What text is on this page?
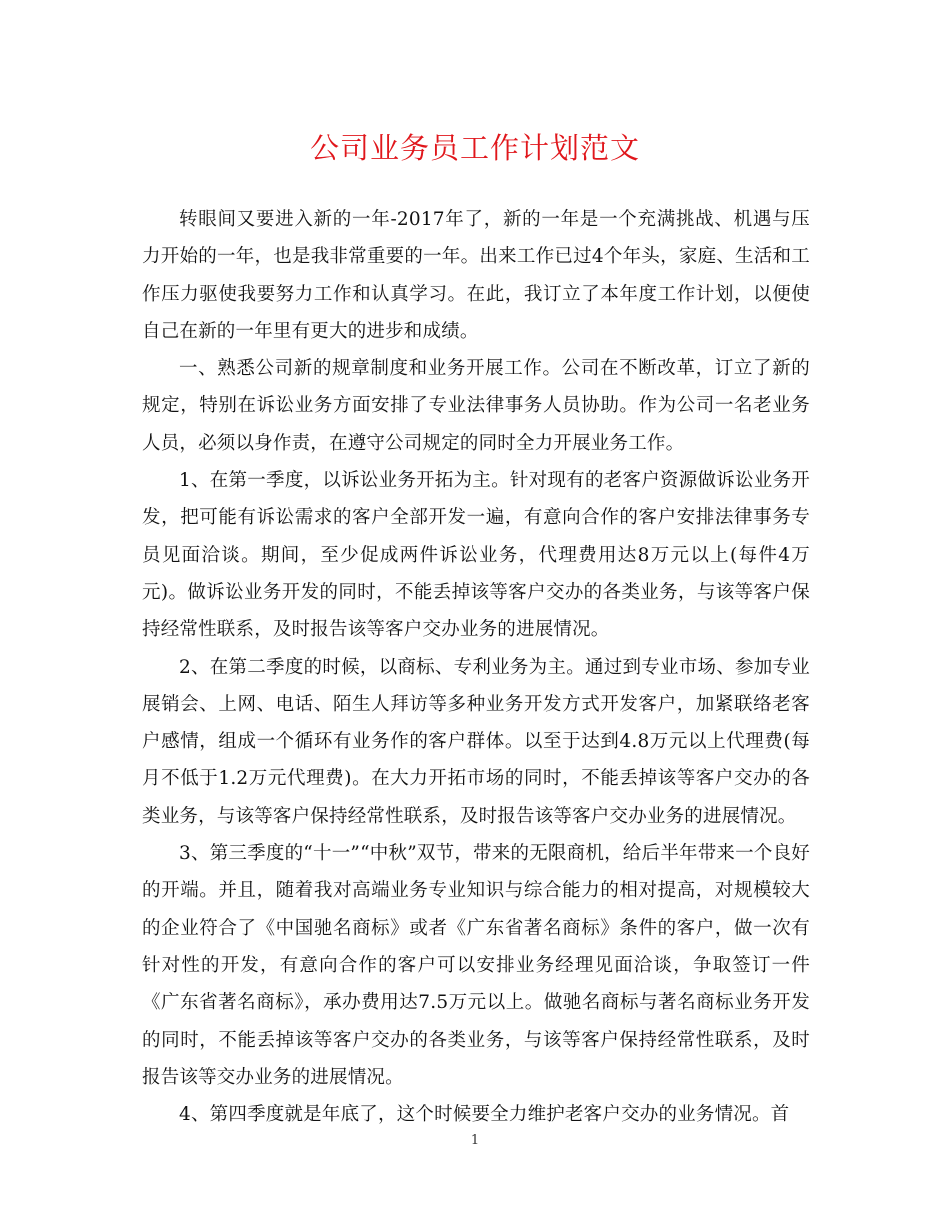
公司业务员工作计划范文

转眼间又要进入新的一年-2017年了，新的一年是一个充满挑战、机遇与压力开始的一年，也是我非常重要的一年。出来工作已过4个年头，家庭、生活和工作压力驱使我要努力工作和认真学习。在此，我订立了本年度工作计划，以便使自己在新的一年里有更大的进步和成绩。

一、熟悉公司新的规章制度和业务开展工作。公司在不断改革，订立了新的规定，特别在诉讼业务方面安排了专业法律事务人员协助。作为公司一名老业务人员，必须以身作责，在遵守公司规定的同时全力开展业务工作。

1、在第一季度，以诉讼业务开拓为主。针对现有的老客户资源做诉讼业务开发，把可能有诉讼需求的客户全部开发一遍，有意向合作的客户安排法律事务专员见面洽谈。期间，至少促成两件诉讼业务，代理费用达8万元以上(每件4万元)。做诉讼业务开发的同时，不能丢掉该等客户交办的各类业务，与该等客户保持经常性联系，及时报告该等客户交办业务的进展情况。

2、在第二季度的时候，以商标、专利业务为主。通过到专业市场、参加专业展销会、上网、电话、陌生人拜访等多种业务开发方式开发客户，加紧联络老客户感情，组成一个循环有业务作的客户群体。以至于达到4.8万元以上代理费(每月不低于1.2万元代理费)。在大力开拓市场的同时，不能丢掉该等客户交办的各类业务，与该等客户保持经常性联系，及时报告该等客户交办业务的进展情况。

3、第三季度的“十一”“中秋”双节，带来的无限商机，给后半年带来一个良好的开端。并且，随着我对高端业务专业知识与综合能力的相对提高，对规模较大的企业符合了《中国驰名商标》或者《广东省著名商标》条件的客户，做一次有针对性的开发，有意向合作的客户可以安排业务经理见面洽谈，争取签订一件《广东省著名商标》，承办费用达7.5万元以上。做驰名商标与著名商标业务开发的同时，不能丢掉该等客户交办的各类业务，与该等客户保持经常性联系，及时报告该等交办业务的进展情况。

4、第四季度就是年底了，这个时候要全力维护老客户交办的业务情况。首

1
